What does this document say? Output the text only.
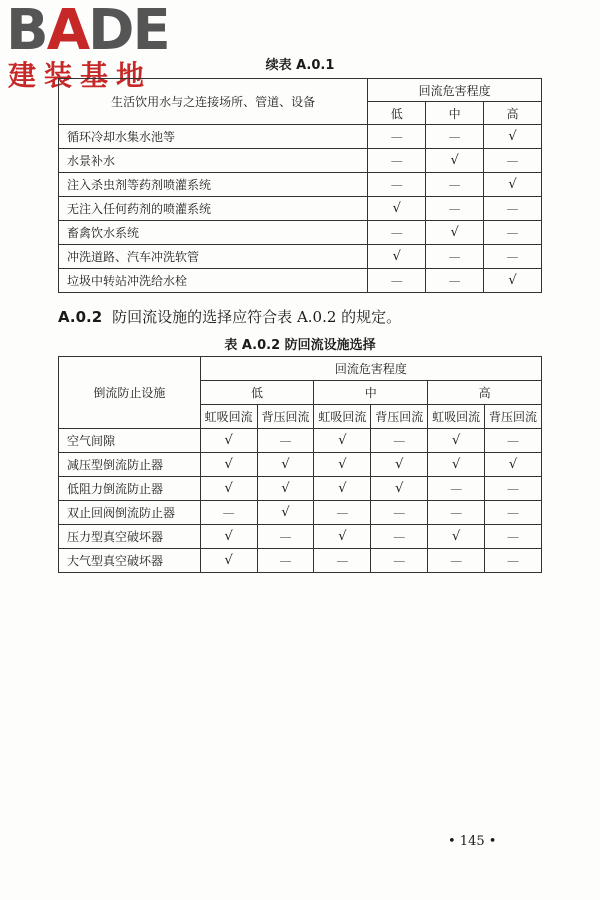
BADE
建装基地	续表 A.0.1
生活饮用水与之连接场所、管道、设备	回流危害程度		
	低	中	高
循环冷却水集水池等	—	—	√
水景补水	—	√	—
注入杀虫剂等药剂喷灌系统	—	—	√
无注入任何药剂的喷灌系统	√	—	—
畜禽饮水系统	—	√	—
冲洗道路、汽车冲洗软管	√	—	—
垃圾中转站冲洗给水栓	—	—	√
A.0.2 防回流设施的选择应符合表 A.0.2 的规定。
表 A.0.2 防回流设施选择
倒流防止设施	回流危害程度					
	低		中		高	
	虹吸回流	背压回流	虹吸回流	背压回流	虹吸回流	背压回流
空气间隙	√	—	√	—	√	—
减压型倒流防止器	√	√	√	√	√	√
低阻力倒流防止器	√	√	√	√	—	—
双止回阀倒流防止器	—	√	—	—	—	—
压力型真空破坏器	√	—	√	—	√	—
大气型真空破坏器	√	—	—	—	—	—
• 145 •
